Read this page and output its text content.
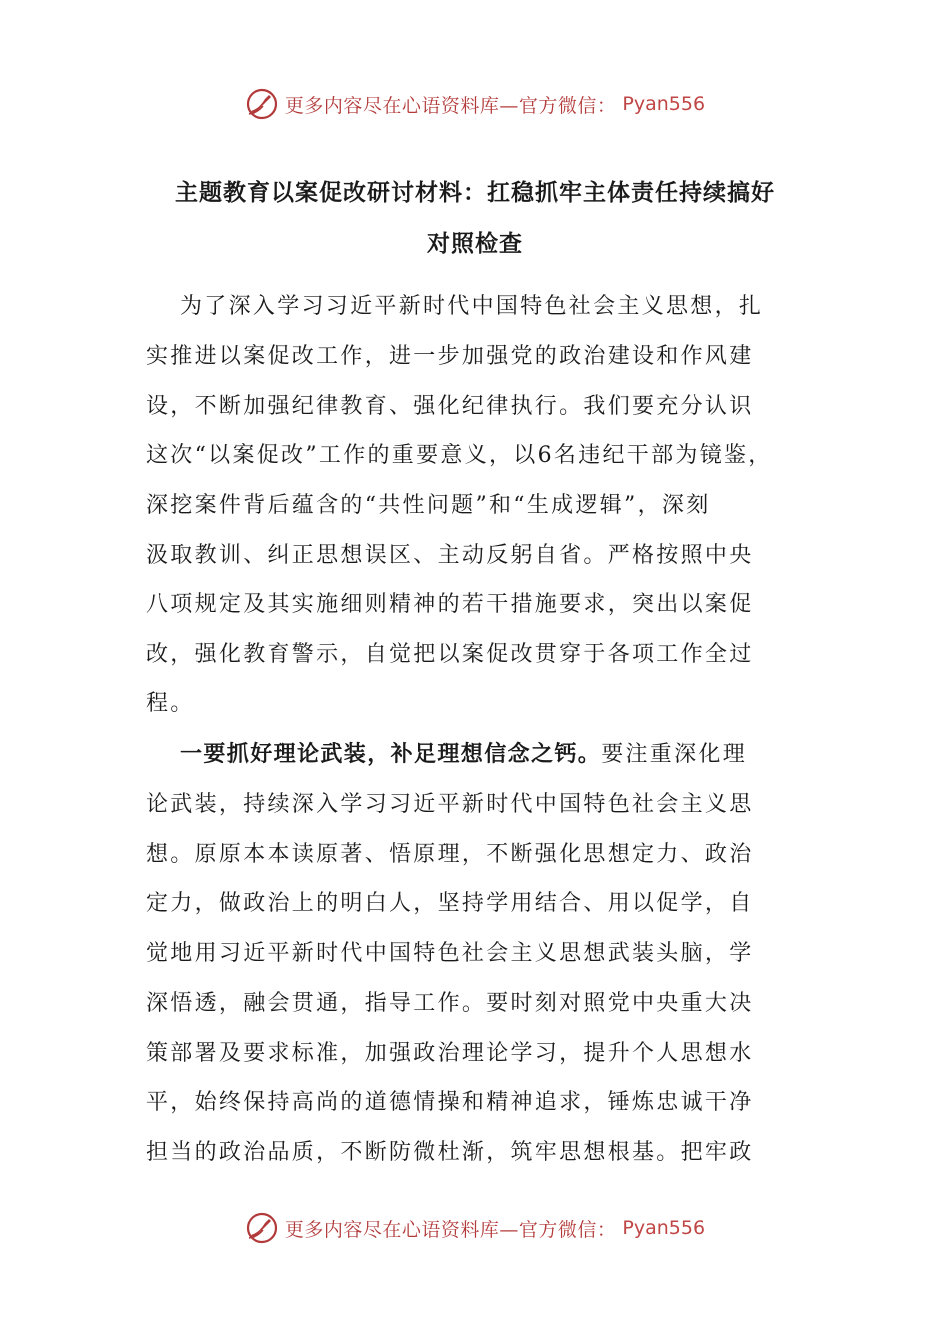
更多内容尽在心语资料库—官方微信： Pyan556
主题教育以案促改研讨材料：扛稳抓牢主体责任持续搞好
对照检查
为了深入学习习近平新时代中国特色社会主义思想，扎
实推进以案促改工作，进一步加强党的政治建设和作风建
设，不断加强纪律教育、强化纪律执行。我们要充分认识
这次“以案促改”工作的重要意义，以6名违纪干部为镜鉴，
深挖案件背后蕴含的“共性问题”和“生成逻辑”，深刻
汲取教训、纠正思想误区、主动反躬自省。严格按照中央
八项规定及其实施细则精神的若干措施要求，突出以案促
改，强化教育警示，自觉把以案促改贯穿于各项工作全过
程。
一要抓好理论武装，补足理想信念之钙。要注重深化理
论武装，持续深入学习习近平新时代中国特色社会主义思
想。原原本本读原著、悟原理，不断强化思想定力、政治
定力，做政治上的明白人，坚持学用结合、用以促学，自
觉地用习近平新时代中国特色社会主义思想武装头脑，学
深悟透，融会贯通，指导工作。要时刻对照党中央重大决
策部署及要求标准，加强政治理论学习，提升个人思想水
平，始终保持高尚的道德情操和精神追求，锤炼忠诚干净
担当的政治品质，不断防微杜渐，筑牢思想根基。把牢政
更多内容尽在心语资料库—官方微信： Pyan556
